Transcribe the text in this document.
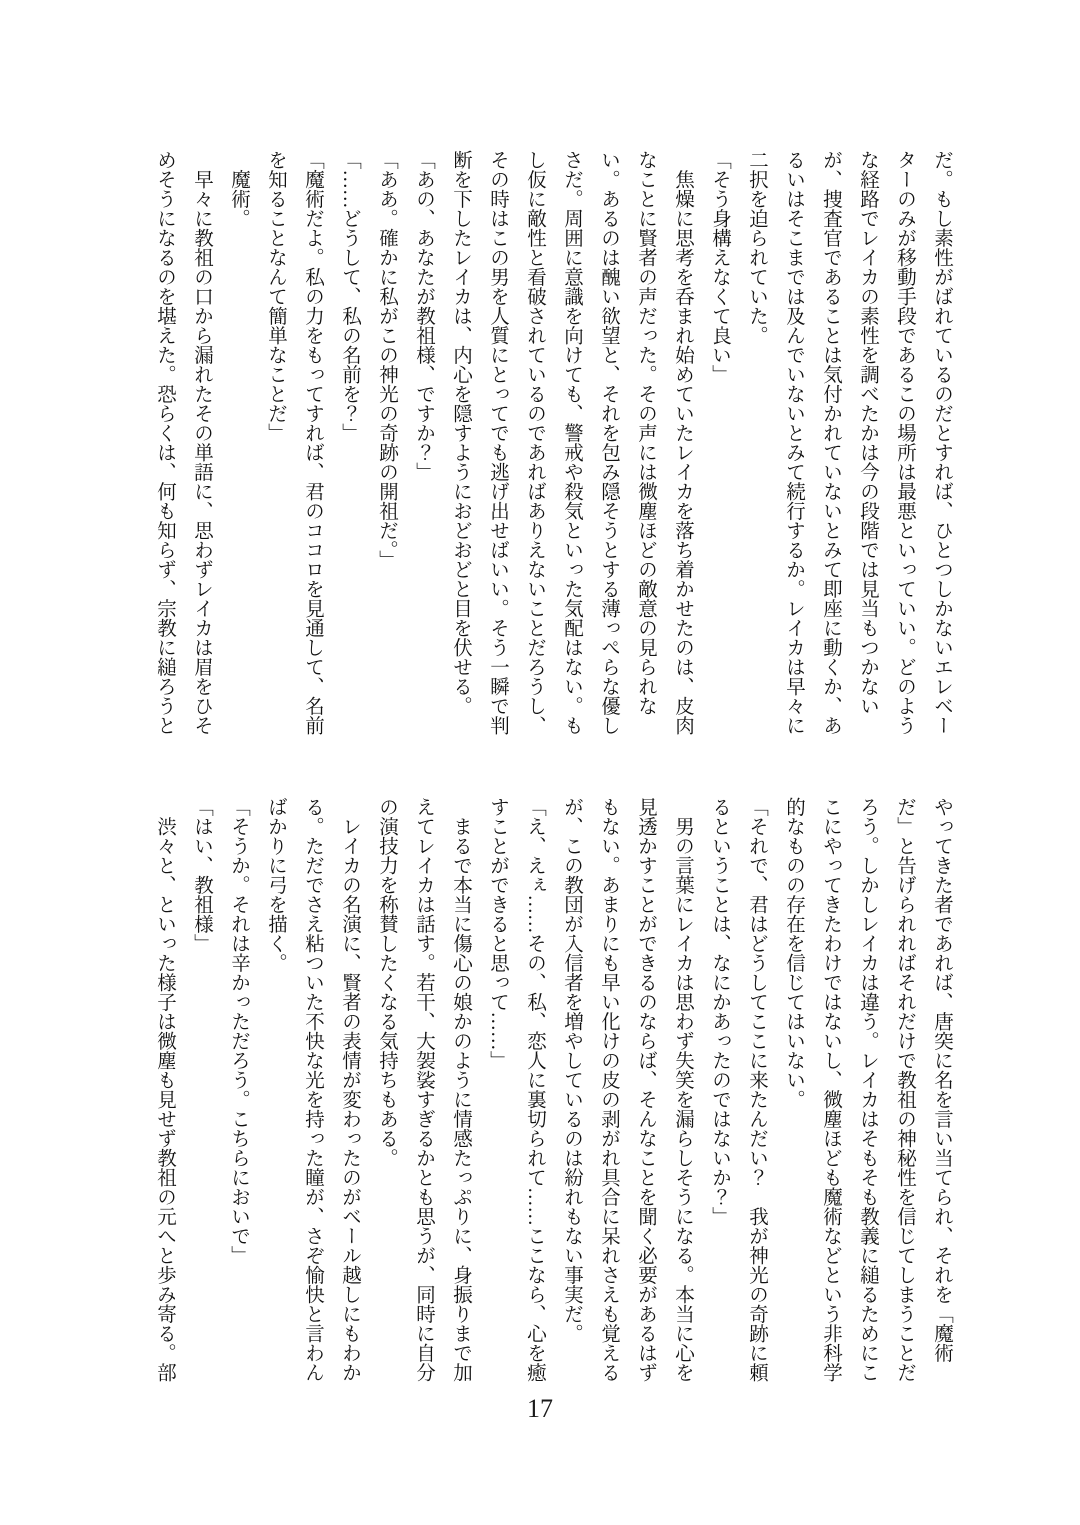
だ。もし素性がばれているのだとすれば、ひとつしかないエレベー
ターのみが移動手段であるこの場所は最悪といっていい。どのよう
な経路でレイカの素性を調べたかは今の段階では見当もつかない
が、捜査官であることは気付かれていないとみて即座に動くか、あ
るいはそこまでは及んでいないとみて続行するか。レイカは早々に
二択を迫られていた。
「そう身構えなくて良い」
　焦燥に思考を呑まれ始めていたレイカを落ち着かせたのは、皮肉
なことに賢者の声だった。その声には微塵ほどの敵意の見られな
い。あるのは醜い欲望と、それを包み隠そうとする薄っぺらな優し
さだ。周囲に意識を向けても、警戒や殺気といった気配はない。も
し仮に敵性と看破されているのであればありえないことだろうし、
その時はこの男を人質にとってでも逃げ出せばいい。そう一瞬で判
断を下したレイカは、内心を隠すようにおどおどと目を伏せる。
「あの、あなたが教祖様、ですか？」
「ああ。確かに私がこの神光の奇跡の開祖だ。」
「……どうして、私の名前を？」
「魔術だよ。私の力をもってすれば、君のココロを見通して、名前
を知ることなんて簡単なことだ」
　魔術。
　早々に教祖の口から漏れたその単語に、思わずレイカは眉をひそ
めそうになるのを堪えた。恐らくは、何も知らず、宗教に縋ろうと
やってきた者であれば、唐突に名を言い当てられ、それを「魔術
だ」と告げられればそれだけで教祖の神秘性を信じてしまうことだ
ろう。しかしレイカは違う。レイカはそもそも教義に縋るためにこ
こにやってきたわけではないし、微塵ほども魔術などという非科学
的なものの存在を信じてはいない。
「それで、君はどうしてここに来たんだい？　我が神光の奇跡に頼
るということは、なにかあったのではないか？」
　男の言葉にレイカは思わず失笑を漏らしそうになる。本当に心を
見透かすことができるのならば、そんなことを聞く必要があるはず
もない。あまりにも早い化けの皮の剥がれ具合に呆れさえも覚える
が、この教団が入信者を増やしているのは紛れもない事実だ。
「え、えぇ……その、私、恋人に裏切られて……ここなら、心を癒
すことができると思って……」
　まるで本当に傷心の娘かのように情感たっぷりに、身振りまで加
えてレイカは話す。若干、大袈裟すぎるかとも思うが、同時に自分
の演技力を称賛したくなる気持ちもある。
　レイカの名演に、賢者の表情が変わったのがベール越しにもわか
る。ただでさえ粘ついた不快な光を持った瞳が、さぞ愉快と言わん
ばかりに弓を描く。
「そうか。それは辛かっただろう。こちらにおいで」
「はい、教祖様」
　渋々と、といった様子は微塵も見せず教祖の元へと歩み寄る。部
17
